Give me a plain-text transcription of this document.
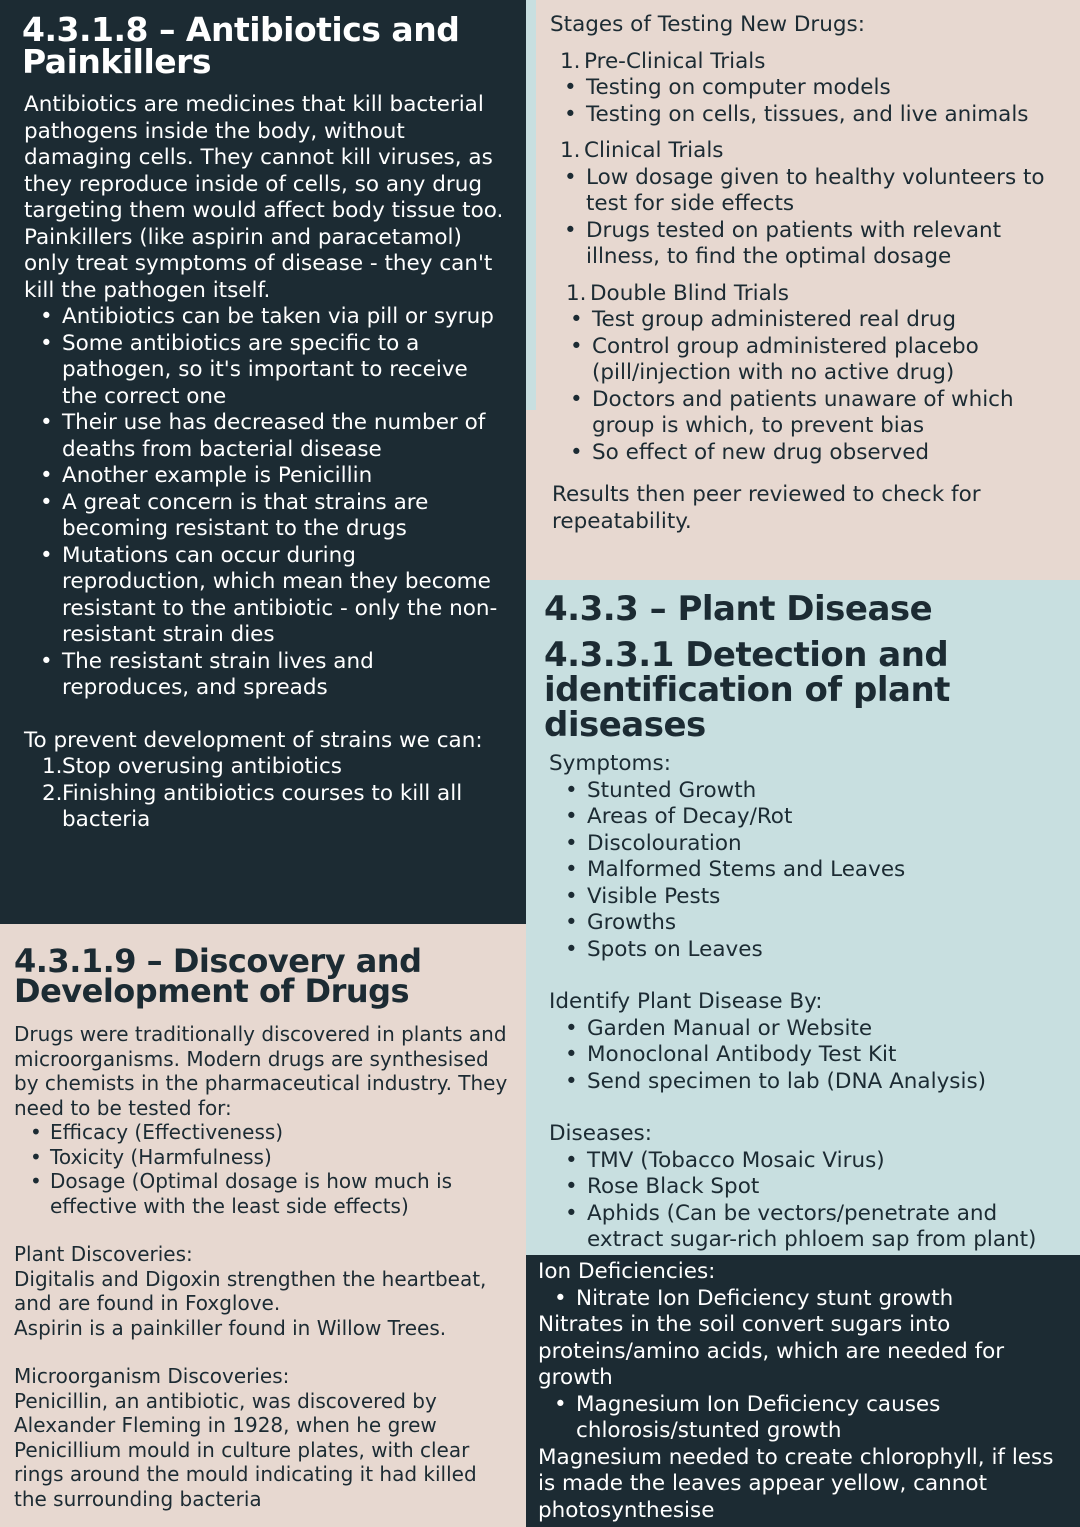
4.3.1.8 – Antibiotics and Painkillers

Antibiotics are medicines that kill bacterial pathogens inside the body, without damaging cells. They cannot kill viruses, as they reproduce inside of cells, so any drug targeting them would affect body tissue too. Painkillers (like aspirin and paracetamol) only treat symptoms of disease - they can't kill the pathogen itself.

• Antibiotics can be taken via pill or syrup
• Some antibiotics are specific to a pathogen, so it's important to receive the correct one
• Their use has decreased the number of deaths from bacterial disease
• Another example is Penicillin
• A great concern is that strains are becoming resistant to the drugs
• Mutations can occur during reproduction, which mean they become resistant to the antibiotic - only the non-resistant strain dies
• The resistant strain lives and reproduces, and spreads

To prevent development of strains we can:

1. Stop overusing antibiotics
2. Finishing antibiotics courses to kill all bacteria
4.3.1.9 – Discovery and Development of Drugs

Drugs were traditionally discovered in plants and microorganisms. Modern drugs are synthesised by chemists in the pharmaceutical industry. They need to be tested for:

• Efficacy (Effectiveness)
• Toxicity (Harmfulness)
• Dosage (Optimal dosage is how much is effective with the least side effects)

Plant Discoveries:

Digitalis and Digoxin strengthen the heartbeat, and are found in Foxglove.

Aspirin is a painkiller found in Willow Trees.

Microorganism Discoveries:

Penicillin, an antibiotic, was discovered by Alexander Fleming in 1928, when he grew Penicillium mould in culture plates, with clear rings around the mould indicating it had killed the surrounding bacteria

Stages of Testing New Drugs:

1. Pre-Clinical Trials
• Testing on computer models
• Testing on cells, tissues, and live animals
1. Clinical Trials
• Low dosage given to healthy volunteers to test for side effects
• Drugs tested on patients with relevant illness, to find the optimal dosage
1. Double Blind Trials
• Test group administered real drug
• Control group administered placebo (pill/injection with no active drug)
• Doctors and patients unaware of which group is which, to prevent bias
• So effect of new drug observed

Results then peer reviewed to check for repeatability.

4.3.3 – Plant Disease
4.3.3.1 Detection and identification of plant diseases

Symptoms:

• Stunted Growth
• Areas of Decay/Rot
• Discolouration
• Malformed Stems and Leaves
• Visible Pests
• Growths
• Spots on Leaves

Identify Plant Disease By:

• Garden Manual or Website
• Monoclonal Antibody Test Kit
• Send specimen to lab (DNA Analysis)

Diseases:

• TMV (Tobacco Mosaic Virus)
• Rose Black Spot
• Aphids (Can be vectors/penetrate and extract sugar-rich phloem sap from plant)

Ion Deficiencies:

• Nitrate Ion Deficiency stunt growth

Nitrates in the soil convert sugars into proteins/amino acids, which are needed for growth

• Magnesium Ion Deficiency causes chlorosis/stunted growth

Magnesium needed to create chlorophyll, if less is made the leaves appear yellow, cannot photosynthesise
